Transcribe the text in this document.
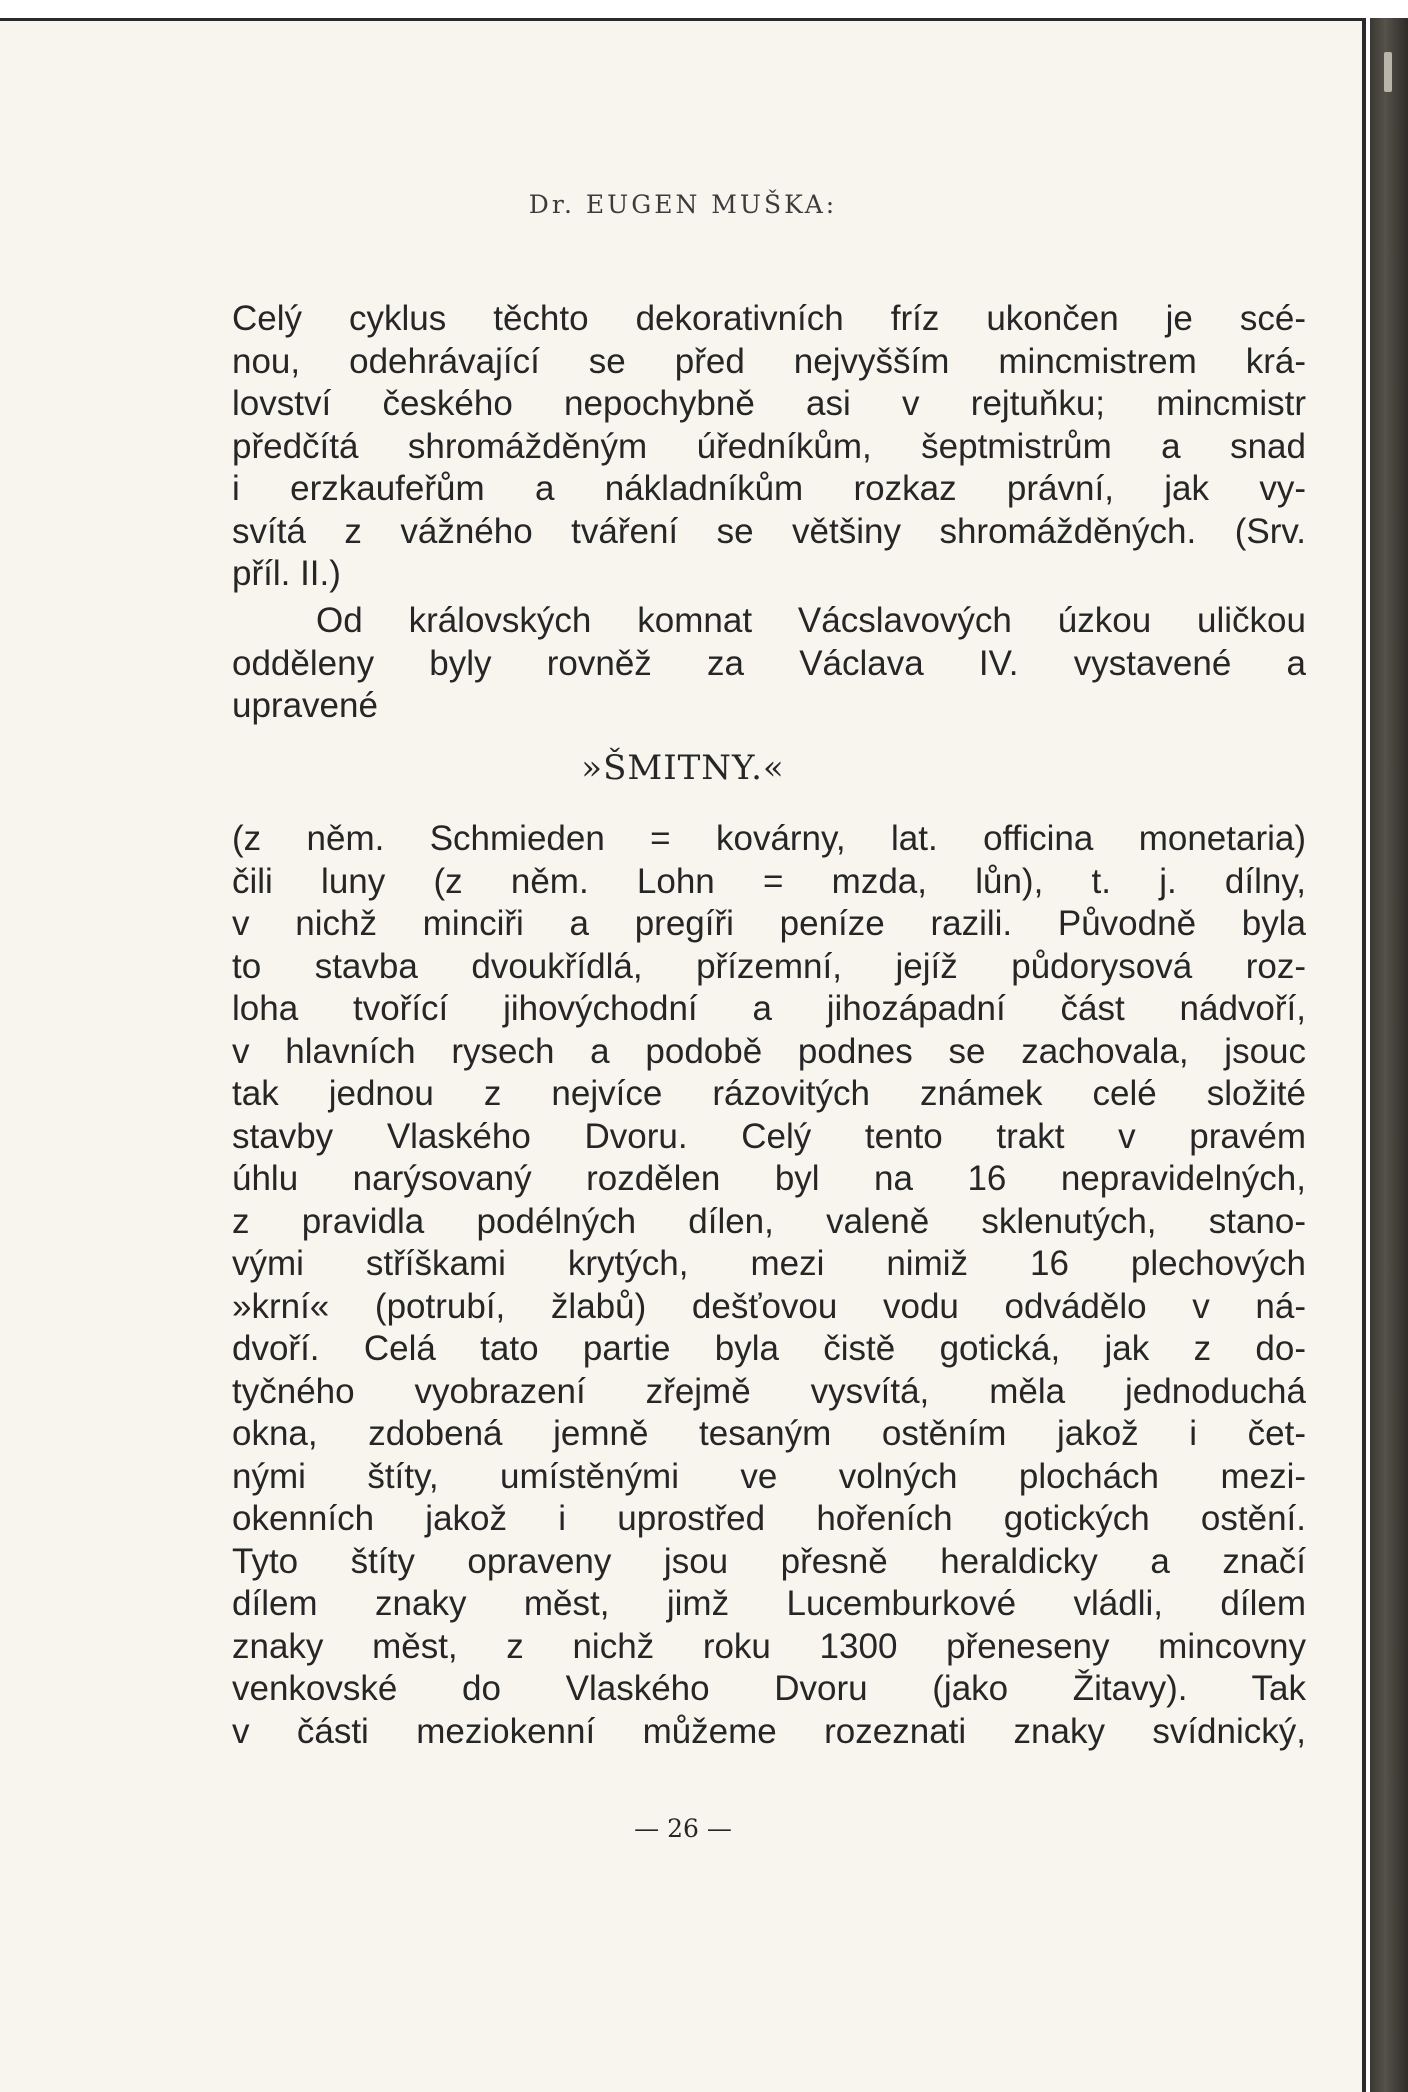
Dr. EUGEN MUŠKA:

Celý cyklus těchto dekorativních fríz ukončen je scé-
nou, odehrávající se před nejvyšším mincmistrem krá-
lovství českého nepochybně asi v rejtuňku; mincmistr
předčítá shromážděným úředníkům, šeptmistrům a snad
i erzkaufeřům a nákladníkům rozkaz právní, jak vy-
svítá z vážného tváření se většiny shromážděných. (Srv.
příl. II.)

Od královských komnat Vácslavových úzkou uličkou
odděleny byly rovněž za Václava IV. vystavené a
upravené

»ŠMITNY.«

(z něm. Schmieden = kovárny, lat. officina monetaria)
čili luny (z něm. Lohn = mzda, lůn), t. j. dílny,
v nichž minciři a pregíři peníze razili. Původně byla
to stavba dvoukřídlá, přízemní, jejíž půdorysová roz-
loha tvořící jihovýchodní a jihozápadní část nádvoří,
v hlavních rysech a podobě podnes se zachovala, jsouc
tak jednou z nejvíce rázovitých známek celé složité
stavby Vlaského Dvoru. Celý tento trakt v pravém
úhlu narýsovaný rozdělen byl na 16 nepravidelných,
z pravidla podélných dílen, valeně sklenutých, stano-
vými stříškami krytých, mezi nimiž 16 plechových
»krní« (potrubí, žlabů) dešťovou vodu odvádělo v ná-
dvoří. Celá tato partie byla čistě gotická, jak z do-
tyčného vyobrazení zřejmě vysvítá, měla jednoduchá
okna, zdobená jemně tesaným ostěním jakož i čet-
nými štíty, umístěnými ve volných plochách mezi-
okenních jakož i uprostřed hořeních gotických ostění.
Tyto štíty opraveny jsou přesně heraldicky a značí
dílem znaky měst, jimž Lucemburkové vládli, dílem
znaky měst, z nichž roku 1300 přeneseny mincovny
venkovské do Vlaského Dvoru (jako Žitavy). Tak
v části meziokenní můžeme rozeznati znaky svídnický,

— 26 —
